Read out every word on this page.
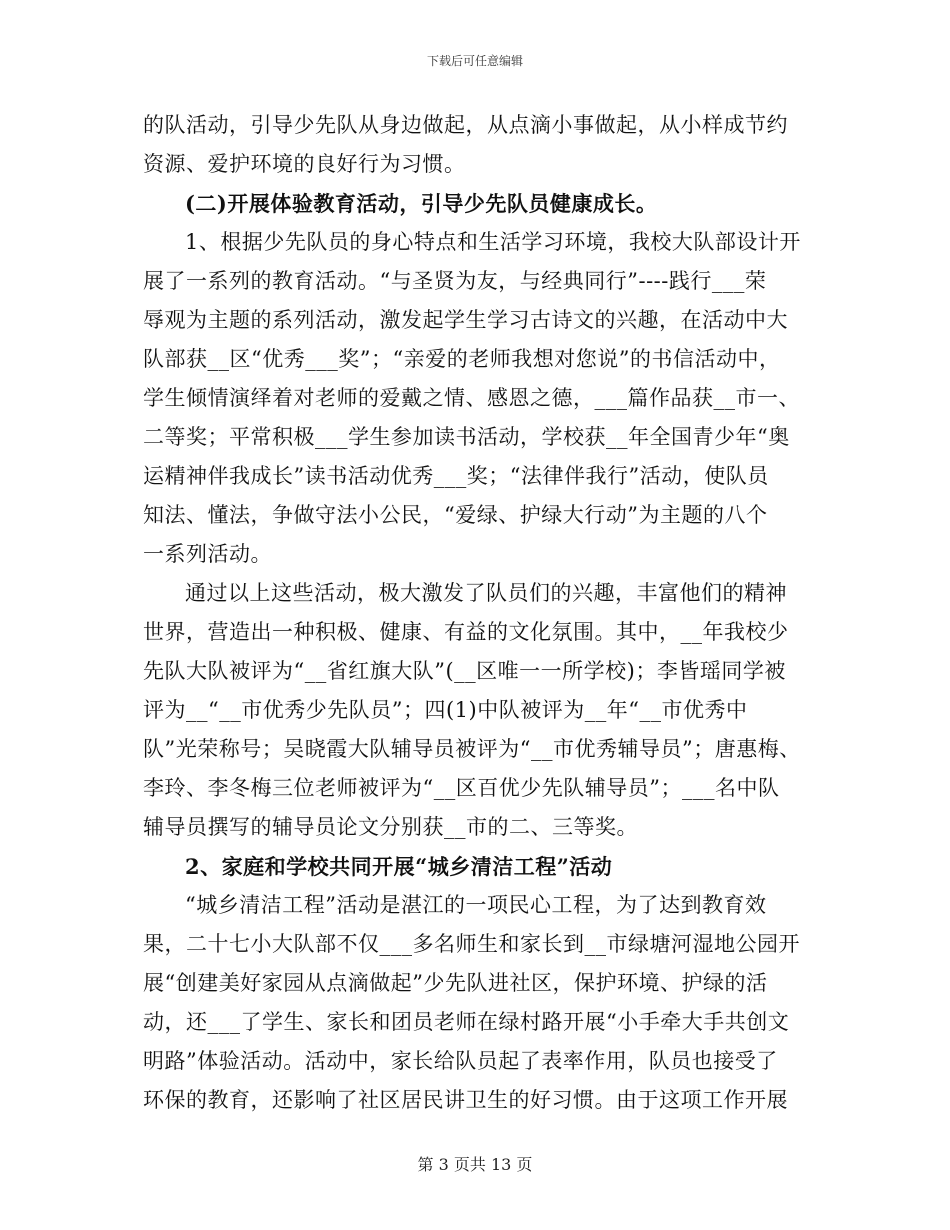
下载后可任意编辑
的队活动，引导少先队从身边做起，从点滴小事做起，从小样成节约
资源、爱护环境的良好行为习惯。
(二)开展体验教育活动，引导少先队员健康成长。
1、根据少先队员的身心特点和生活学习环境，我校大队部设计开
展了一系列的教育活动。“与圣贤为友，与经典同行”----践行___荣
辱观为主题的系列活动，激发起学生学习古诗文的兴趣，在活动中大
队部获__区“优秀___奖”；“亲爱的老师我想对您说”的书信活动中，
学生倾情演绎着对老师的爱戴之情、感恩之德，___篇作品获__市一、
二等奖；平常积极___学生参加读书活动，学校获__年全国青少年“奥
运精神伴我成长”读书活动优秀___奖；“法律伴我行”活动，使队员
知法、懂法，争做守法小公民，“爱绿、护绿大行动”为主题的八个
一系列活动。
通过以上这些活动，极大激发了队员们的兴趣，丰富他们的精神
世界，营造出一种积极、健康、有益的文化氛围。其中，__年我校少
先队大队被评为“__省红旗大队”(__区唯一一所学校)；李皆瑶同学被
评为__“__市优秀少先队员”；四(1)中队被评为__年“__市优秀中
队”光荣称号；吴晓霞大队辅导员被评为“__市优秀辅导员”；唐惠梅、
李玲、李冬梅三位老师被评为“__区百优少先队辅导员”；___名中队
辅导员撰写的辅导员论文分别获__市的二、三等奖。
2、家庭和学校共同开展“城乡清洁工程”活动
“城乡清洁工程”活动是湛江的一项民心工程，为了达到教育效
果，二十七小大队部不仅___多名师生和家长到__市绿塘河湿地公园开
展“创建美好家园从点滴做起”少先队进社区，保护环境、护绿的活
动，还___了学生、家长和团员老师在绿村路开展“小手牵大手共创文
明路”体验活动。活动中，家长给队员起了表率作用，队员也接受了
环保的教育，还影响了社区居民讲卫生的好习惯。由于这项工作开展
第 3 页共 13 页
